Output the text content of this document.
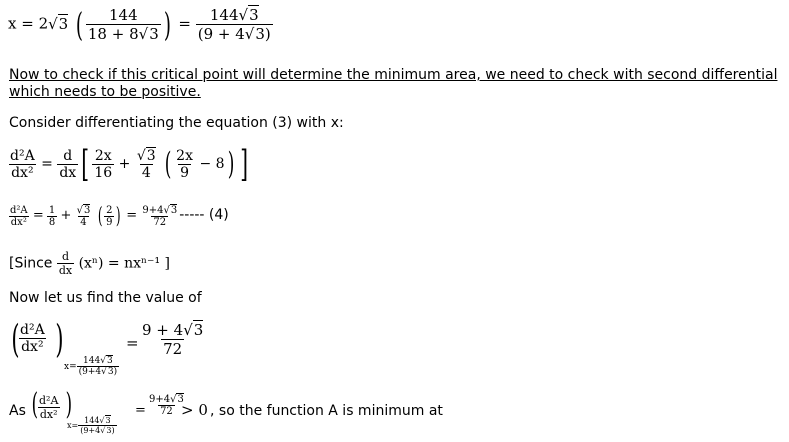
x = 2√3 ( $\frac{144}{18 + 8√3}$ ) = $\frac{144√3}{(9 + 4√3)}$
Now to check if this critical point will determine the minimum area, we need to check with second differential
which needs to be positive.
Consider differentiating the equation (3) with x:
$\frac{\text{d²A}}{\text{dx²}} = \frac{d}{dx}$ [ $\frac{2x}{16} + \frac{√3}{4}$ ( $\frac{2x}{9} - 8$) ]
$\frac{\text{d²A}}{\text{dx²}} = \frac{1}{8} + \frac{√3}{4}$ ( $\frac{2}{9}$ ) = $\frac{9+4√3}{72}$ ----- (4)
[Since $\frac{d}{dx} (x^n) = nx^{n-1}$ ]
Now let us find the value of
(
$\frac{\text{d²A}}{\text{dx²}}$ )
$x= \frac{144√3}{(9+4√3)}$
= $\frac{9 + 4√3}{72}$
As (
$\frac{\text{d²A}}{\text{dx²}}$ )
$x= \frac{144√3}{(9+4√3)}$
= $\frac{9+4√3}{72}$
> 0 , so the function A is minimum at
